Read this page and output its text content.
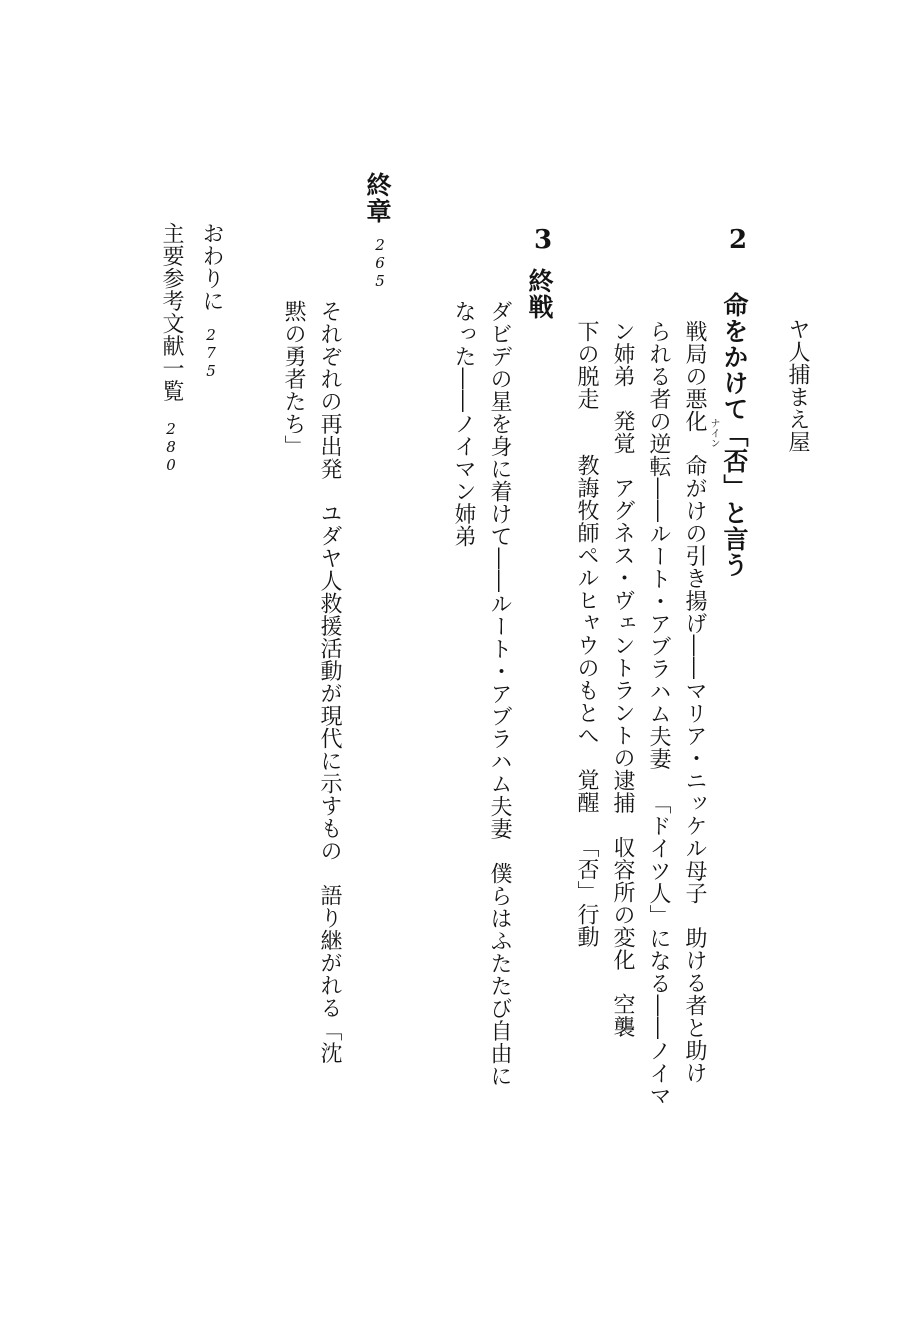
ヤ人捕まえ屋
2
命をかけて「否」
ナイン
と言う
戦局の悪化命がけの引き揚げ――マリア・ニッケル母子助ける者と助け
られる者の逆転――ルート・アブラハム夫妻「ドイツ人」になる――ノイマ
ン姉弟発覚アグネス・ヴェントラントの逮捕収容所の変化空襲
下の脱走教誨牧師ペルヒャウのもとへ覚醒「否」行動
3
終戦
ダビデの星を身に着けて――ルート・アブラハム夫妻僕らはふたたび自由に
なった――ノイマン姉弟
終章
265
それぞれの再出発ユダヤ人救援活動が現代に示すもの語り継がれる「沈
黙の勇者たち」
おわりに275
主要参考文献一覧280
